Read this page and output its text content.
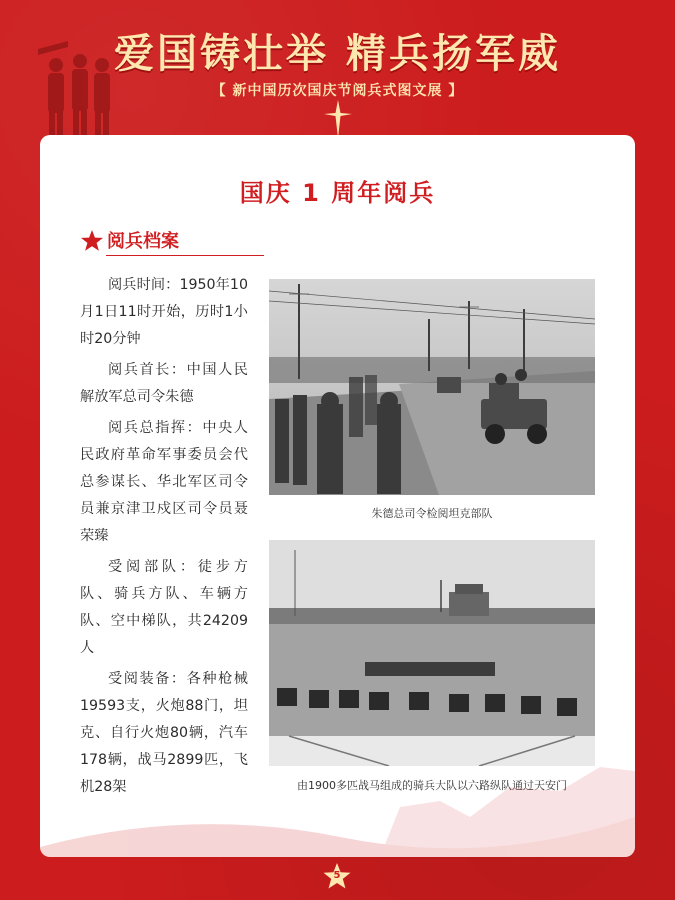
爱国铸壮举 精兵扬军威
【 新中国历次国庆节阅兵式图文展 】
国庆 1 周年阅兵
阅兵档案

阅兵时间：1950年10月1日11时开始，历时1小时20分钟

阅兵首长：中国人民解放军总司令朱德

阅兵总指挥：中央人民政府革命军事委员会代总参谋长、华北军区司令员兼京津卫戍区司令员聂荣臻

受阅部队：徒步方队、骑兵方队、车辆方队、空中梯队，共24209人

受阅装备：各种枪械19593支，火炮88门，坦克、自行火炮80辆，汽车178辆，战马2899匹，飞机28架

朱德总司令检阅坦克部队
由1900多匹战马组成的骑兵大队以六路纵队通过天安门
5
